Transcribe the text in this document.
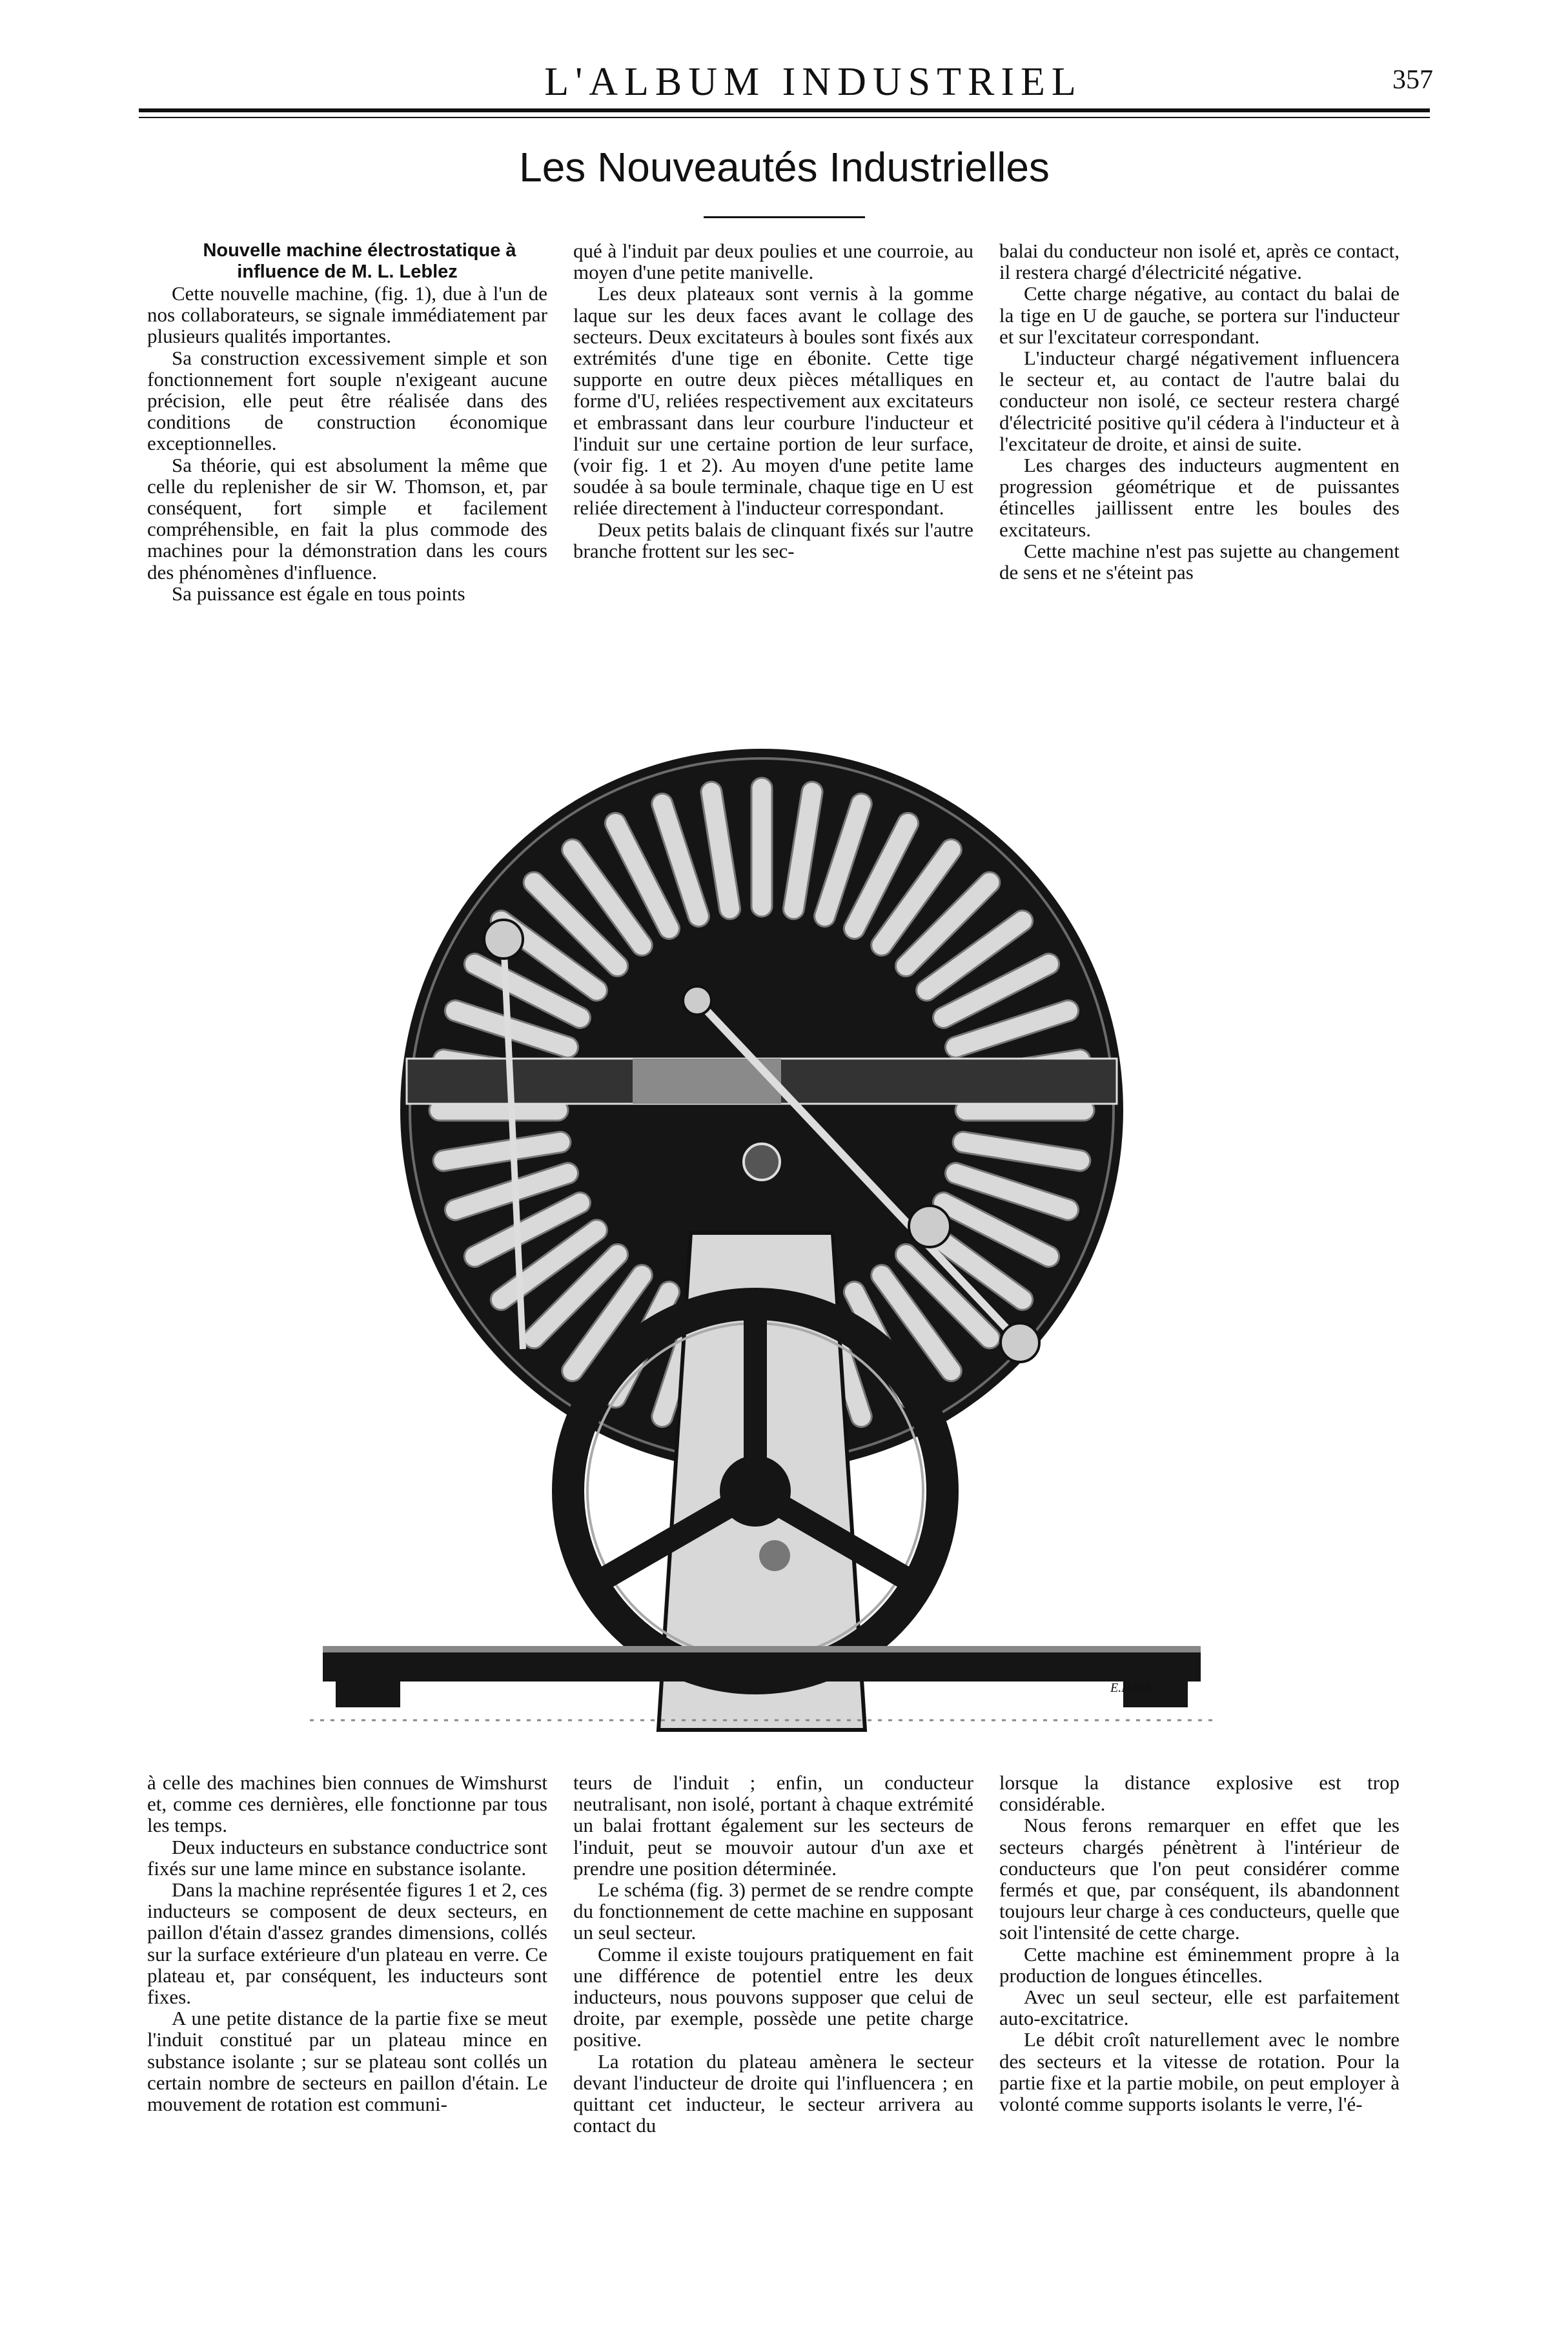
L'ALBUM INDUSTRIEL	357
Les Nouveautés Industrielles

Nouvelle machine électrostatique à influence de M. L. Leblez

Cette nouvelle machine, (fig. 1), due à l'un de nos collaborateurs, se signale immédiatement par plusieurs qualités importantes.

Sa construction excessivement simple et son fonctionnement fort souple n'exigeant aucune précision, elle peut être réalisée dans des conditions de construction économique exceptionnelles.

Sa théorie, qui est absolument la même que celle du replenisher de sir W. Thomson, et, par conséquent, fort simple et facilement compréhensible, en fait la plus commode des machines pour la démonstration dans les cours des phénomènes d'influence.

Sa puissance est égale en tous points

qué à l'induit par deux poulies et une courroie, au moyen d'une petite manivelle.

Les deux plateaux sont vernis à la gomme laque sur les deux faces avant le collage des secteurs. Deux excitateurs à boules sont fixés aux extrémités d'une tige en ébonite. Cette tige supporte en outre deux pièces métalliques en forme d'U, reliées respectivement aux excitateurs et embrassant dans leur courbure l'inducteur et l'induit sur une certaine portion de leur surface, (voir fig. 1 et 2). Au moyen d'une petite lame soudée à sa boule terminale, chaque tige en U est reliée directement à l'inducteur correspondant.

Deux petits balais de clinquant fixés sur l'autre branche frottent sur les sec-

balai du conducteur non isolé et, après ce contact, il restera chargé d'électricité négative.

Cette charge négative, au contact du balai de la tige en U de gauche, se portera sur l'inducteur et sur l'excitateur correspondant.

L'inducteur chargé négativement influencera le secteur et, au contact de l'autre balai du conducteur non isolé, ce secteur restera chargé d'électricité positive qu'il cédera à l'inducteur et à l'excitateur de droite, et ainsi de suite.

Les charges des inducteurs augmentent en progression géométrique et de puissantes étincelles jaillissent entre les boules des excitateurs.

Cette machine n'est pas sujette au changement de sens et ne s'éteint pas

E.Hardy

à celle des machines bien connues de Wimshurst et, comme ces dernières, elle fonctionne par tous les temps.

Deux inducteurs en substance conductrice sont fixés sur une lame mince en substance isolante.

Dans la machine représentée figures 1 et 2, ces inducteurs se composent de deux secteurs, en paillon d'étain d'assez grandes dimensions, collés sur la surface extérieure d'un plateau en verre. Ce plateau et, par conséquent, les inducteurs sont fixes.

A une petite distance de la partie fixe se meut l'induit constitué par un plateau mince en substance isolante ; sur se plateau sont collés un certain nombre de secteurs en paillon d'étain. Le mouvement de rotation est communi-

teurs de l'induit ; enfin, un conducteur neutralisant, non isolé, portant à chaque extrémité un balai frottant également sur les secteurs de l'induit, peut se mouvoir autour d'un axe et prendre une position déterminée.

Le schéma (fig. 3) permet de se rendre compte du fonctionnement de cette machine en supposant un seul secteur.

Comme il existe toujours pratiquement en fait une différence de potentiel entre les deux inducteurs, nous pouvons supposer que celui de droite, par exemple, possède une petite charge positive.

La rotation du plateau amènera le secteur devant l'inducteur de droite qui l'influencera ; en quittant cet inducteur, le secteur arrivera au contact du

lorsque la distance explosive est trop considérable.

Nous ferons remarquer en effet que les secteurs chargés pénètrent à l'intérieur de conducteurs que l'on peut considérer comme fermés et que, par conséquent, ils abandonnent toujours leur charge à ces conducteurs, quelle que soit l'intensité de cette charge.

Cette machine est éminemment propre à la production de longues étincelles.

Avec un seul secteur, elle est parfaitement auto-excitatrice.

Le débit croît naturellement avec le nombre des secteurs et la vitesse de rotation. Pour la partie fixe et la partie mobile, on peut employer à volonté comme supports isolants le verre, l'é-
